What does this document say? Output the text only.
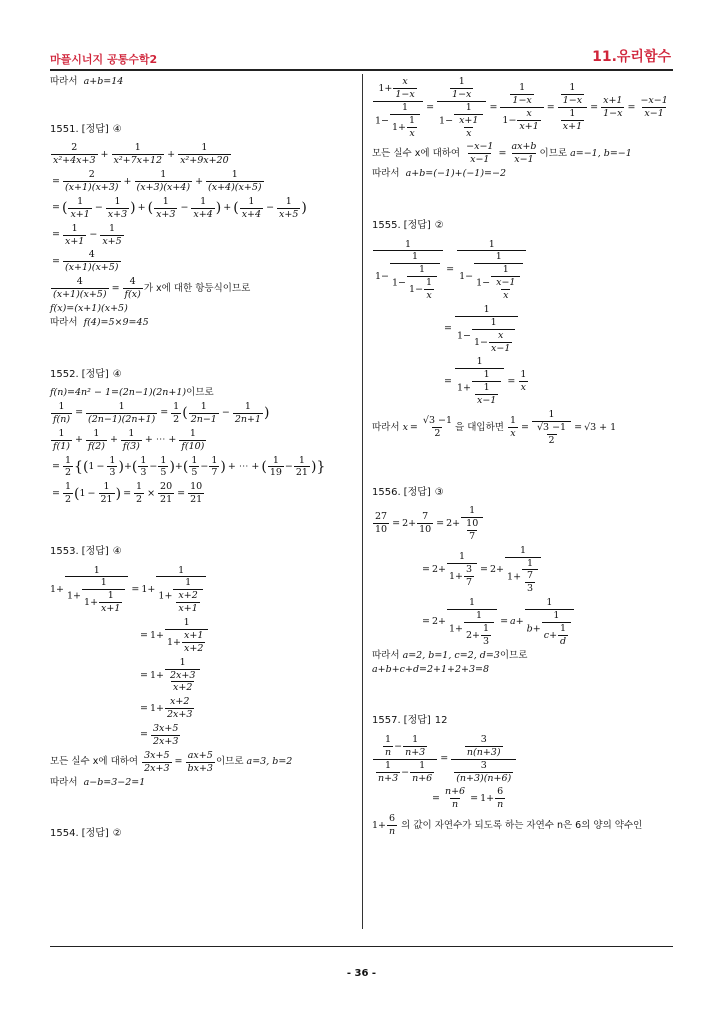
마플시너지 공통수학2	11.유리함수
따라서
a+b=14
1551.
[정답] ④
2
x²+4x+3
+ $\frac{1}{\text{x²+7x+12}} + \frac{1}{\text{x²+9x+20}}$
= $\frac{2}{(x+1)(x+3)} + \frac{1}{(x+3)(x+4)} + \frac{1}{(x+4)(x+5)}$
= ( 1
x+1
− $\frac{1}{x+3}$ ) + ( 1
x+3
− $\frac{1}{x+4}$ ) + ( 1
x+4
− $\frac{1}{x+5}$ )
= $\frac{1}{x+1} - \frac{1}{x+5}$
= $\frac{4}{(x+1)(x+5)}$
$\frac{4}{(x+1)(x+5)} = \frac{4}{f(x)}$ 가 x에 대한 항등식이므로
f(x)=(x+1)(x+5)
따라서
f(4)=5×9=45
1552.
[정답] ④
f(n)=4n² − 1=(2n−1)(2n+1) 이므로
$\frac{1}{f(n)} = \frac{1}{(2n-1)(2n+1)} = \frac{1}{2}$ ( 1
2n−1
− $\frac{1}{2n+1}$ )
1
f(1)
+ $\frac{1}{f(2)} + \frac{1}{f(3)}$ + ⋯ + $\frac{1}{f(10)}$
= $\frac{1}{2}$ { ( $1 - \frac{1}{3}$ ) + ( 1
3
−
1
5 ) + ( 1
5
−
1
7 ) + ⋯ + ( 1
19
−
1
21 ) }
= $\frac{1}{2}$ ( $1 - \frac{1}{21}$ ) = $\frac{1}{2} \times \frac{20}{21} = \frac{10}{21}$
1553.
[정답] ④
$1+ \frac{1}{1+ \frac{1}{1+ \frac{1}{x+1}}} = 1+ \frac{1}{1+ \frac{1}{\frac{x+2}{x+1}}}$
= $1+ \frac{1}{1+ \frac{x+1}{x+2}}$
= $1+ \frac{1}{\frac{2x+3}{x+2}}$
= $1+ \frac{x+2}{2x+3}$
= $\frac{3x+5}{2x+3}$
모든 실수 x에 대하여
$\frac{3x+5}{2x+3} = \frac{ax+5}{bx+3}$ 이므로
a=3, b=2
따라서
a−b=3−2=1
1554.
[정답] ②
$\frac{1+ \frac{x}{1-x}}{1- \frac{1}{1+ \frac{1}{x}}} = \frac{\frac{1}{1-x}}{1- \frac{1}{\frac{x+1}{x}}} = \frac{\frac{1}{1-x}}{1- \frac{x}{x+1}} = \frac{\frac{1}{1-x}}{\frac{1}{x+1}} = \frac{x+1}{1-x} = \frac{-x-1}{x-1}$
모든 실수 x에 대하여
$\frac{-x-1}{x-1} = \frac{ax+b}{x-1}$ 이므로
a=−1, b=−1
따라서
a+b=(−1)+(−1)=−2
1555.
[정답] ②
$\frac{1}{1- \frac{1}{1- \frac{1}{1- \frac{1}{x}}}} = \frac{1}{1- \frac{1}{1- \frac{1}{\frac{x-1}{x}}}}$
= $\frac{1}{1- \frac{1}{1- \frac{x}{x-1}}}$
= $\frac{1}{1+ \frac{1}{\frac{1}{x-1}}} = \frac{1}{x}$
따라서
$x = \frac{√3 -1}{2}$ 을 대입하면
$\frac{1}{x} = \frac{1}{\frac{√3 -1}{2}} = √3 + 1$
1556.
[정답] ③
$\frac{27}{10} = 2+ \frac{7}{10} = 2+ \frac{1}{\frac{10}{7}}$
= $2+ \frac{1}{1+ \frac{3}{7}} = 2+ \frac{1}{1+ \frac{1}{\frac{7}{3}}}$
= $2+ \frac{1}{1+ \frac{1}{2+ \frac{1}{3}}} = a$ +
1
$b+ \frac{1}{c+ \frac{1}{d}}$
따라서
a=2, b=1, c=2, d=3 이므로
a+b+c+d=2+1+2+3=8
1557.
[정답] 12
$\frac{\frac{1}{n} - \frac{1}{n+3}}{\frac{1}{n+3} - \frac{1}{n+6}} = \frac{\frac{3}{n(n+3)}}{\frac{3}{(n+3)(n+6)}}$
= $\frac{n+6}{n} = 1+ \frac{6}{n}$
1+
6
n

의 값이 자연수가 되도록 하는 자연수 n은 6의 양의 약수인
- 36 -
